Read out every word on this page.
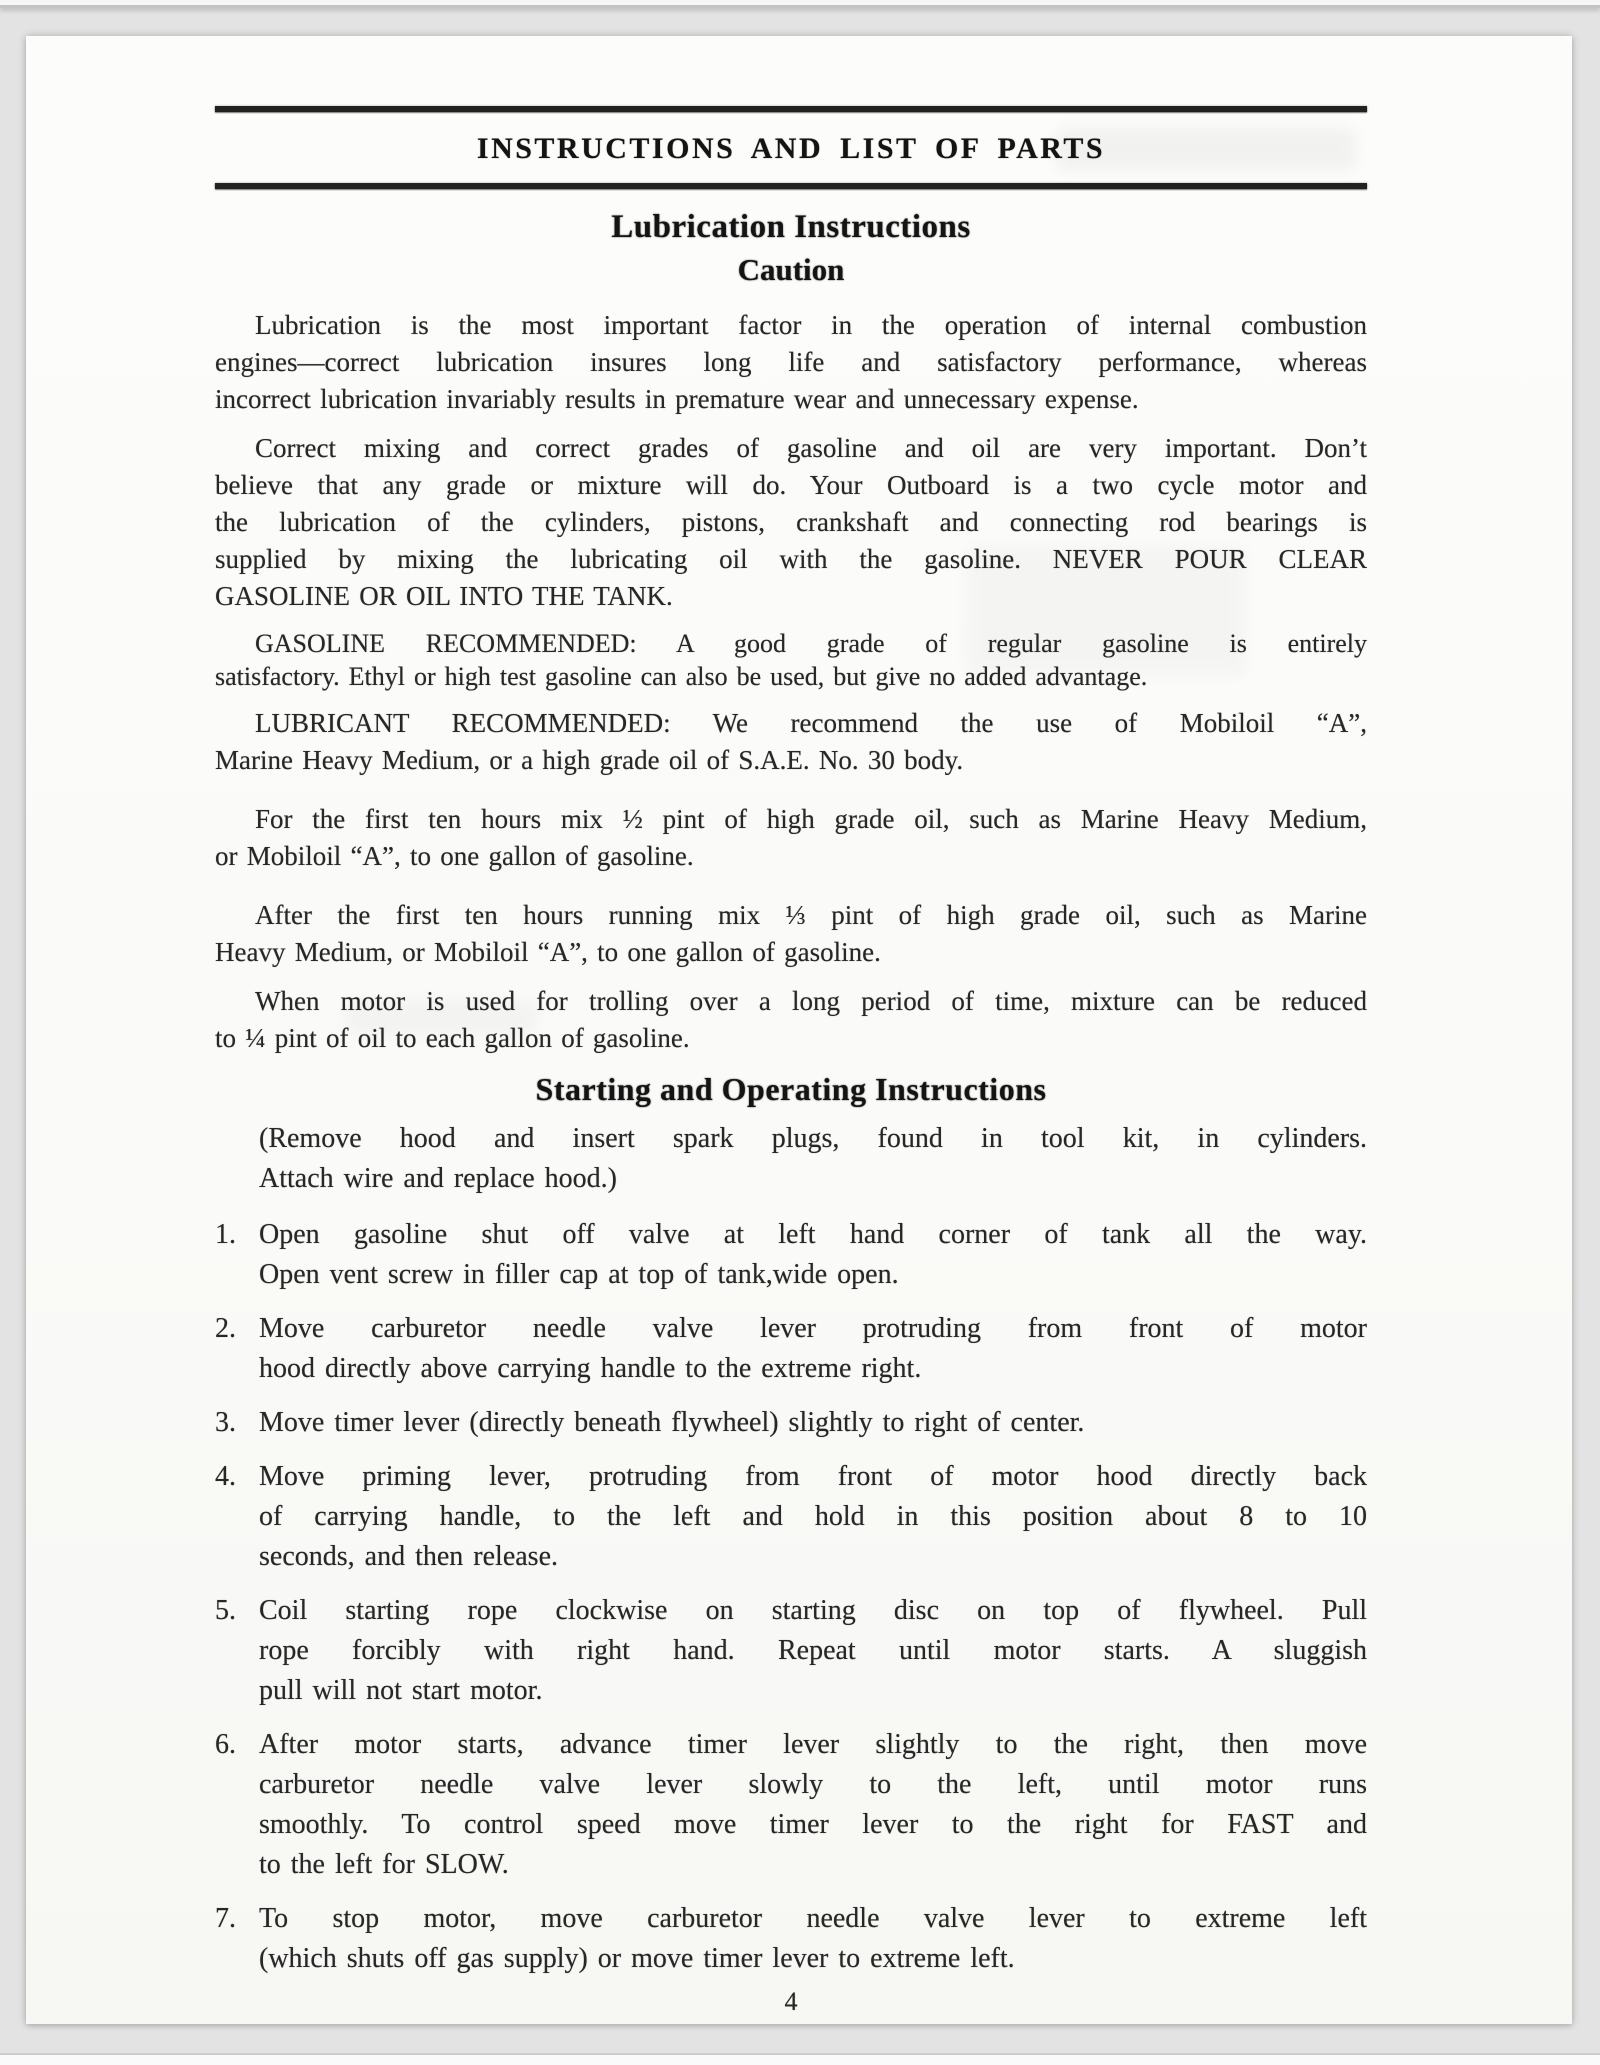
INSTRUCTIONS AND LIST OF PARTS
Lubrication Instructions
Caution
Lubrication is the most important factor in the operation of internal combustion
engines—correct lubrication insures long life and satisfactory performance, whereas
incorrect lubrication invariably results in premature wear and unnecessary expense.
Correct mixing and correct grades of gasoline and oil are very important. Don’t
believe that any grade or mixture will do. Your Outboard is a two cycle motor and
the lubrication of the cylinders, pistons, crankshaft and connecting rod bearings is
supplied by mixing the lubricating oil with the gasoline. NEVER POUR CLEAR
GASOLINE OR OIL INTO THE TANK.
GASOLINE RECOMMENDED: A good grade of regular gasoline is entirely
satisfactory. Ethyl or high test gasoline can also be used, but give no added advantage.
LUBRICANT RECOMMENDED: We recommend the use of Mobiloil “A”,
Marine Heavy Medium, or a high grade oil of S.A.E. No. 30 body.
For the first ten hours mix ½ pint of high grade oil, such as Marine Heavy Medium,
or Mobiloil “A”, to one gallon of gasoline.
After the first ten hours running mix ⅓ pint of high grade oil, such as Marine
Heavy Medium, or Mobiloil “A”, to one gallon of gasoline.
When motor is used for trolling over a long period of time, mixture can be reduced
to ¼ pint of oil to each gallon of gasoline.
Starting and Operating Instructions
(Remove hood and insert spark plugs, found in tool kit, in cylinders.
Attach wire and replace hood.)
1. Open gasoline shut off valve at left hand corner of tank all the way.
Open vent screw in filler cap at top of tank,wide open.
2. Move carburetor needle valve lever protruding from front of motor
hood directly above carrying handle to the extreme right.
3. Move timer lever (directly beneath flywheel) slightly to right of center.
4. Move priming lever, protruding from front of motor hood directly back
of carrying handle, to the left and hold in this position about 8 to 10
seconds, and then release.
5. Coil starting rope clockwise on starting disc on top of flywheel. Pull
rope forcibly with right hand. Repeat until motor starts. A sluggish
pull will not start motor.
6. After motor starts, advance timer lever slightly to the right, then move
carburetor needle valve lever slowly to the left, until motor runs
smoothly. To control speed move timer lever to the right for FAST and
to the left for SLOW.
7. To stop motor, move carburetor needle valve lever to extreme left
(which shuts off gas supply) or move timer lever to extreme left.
4
